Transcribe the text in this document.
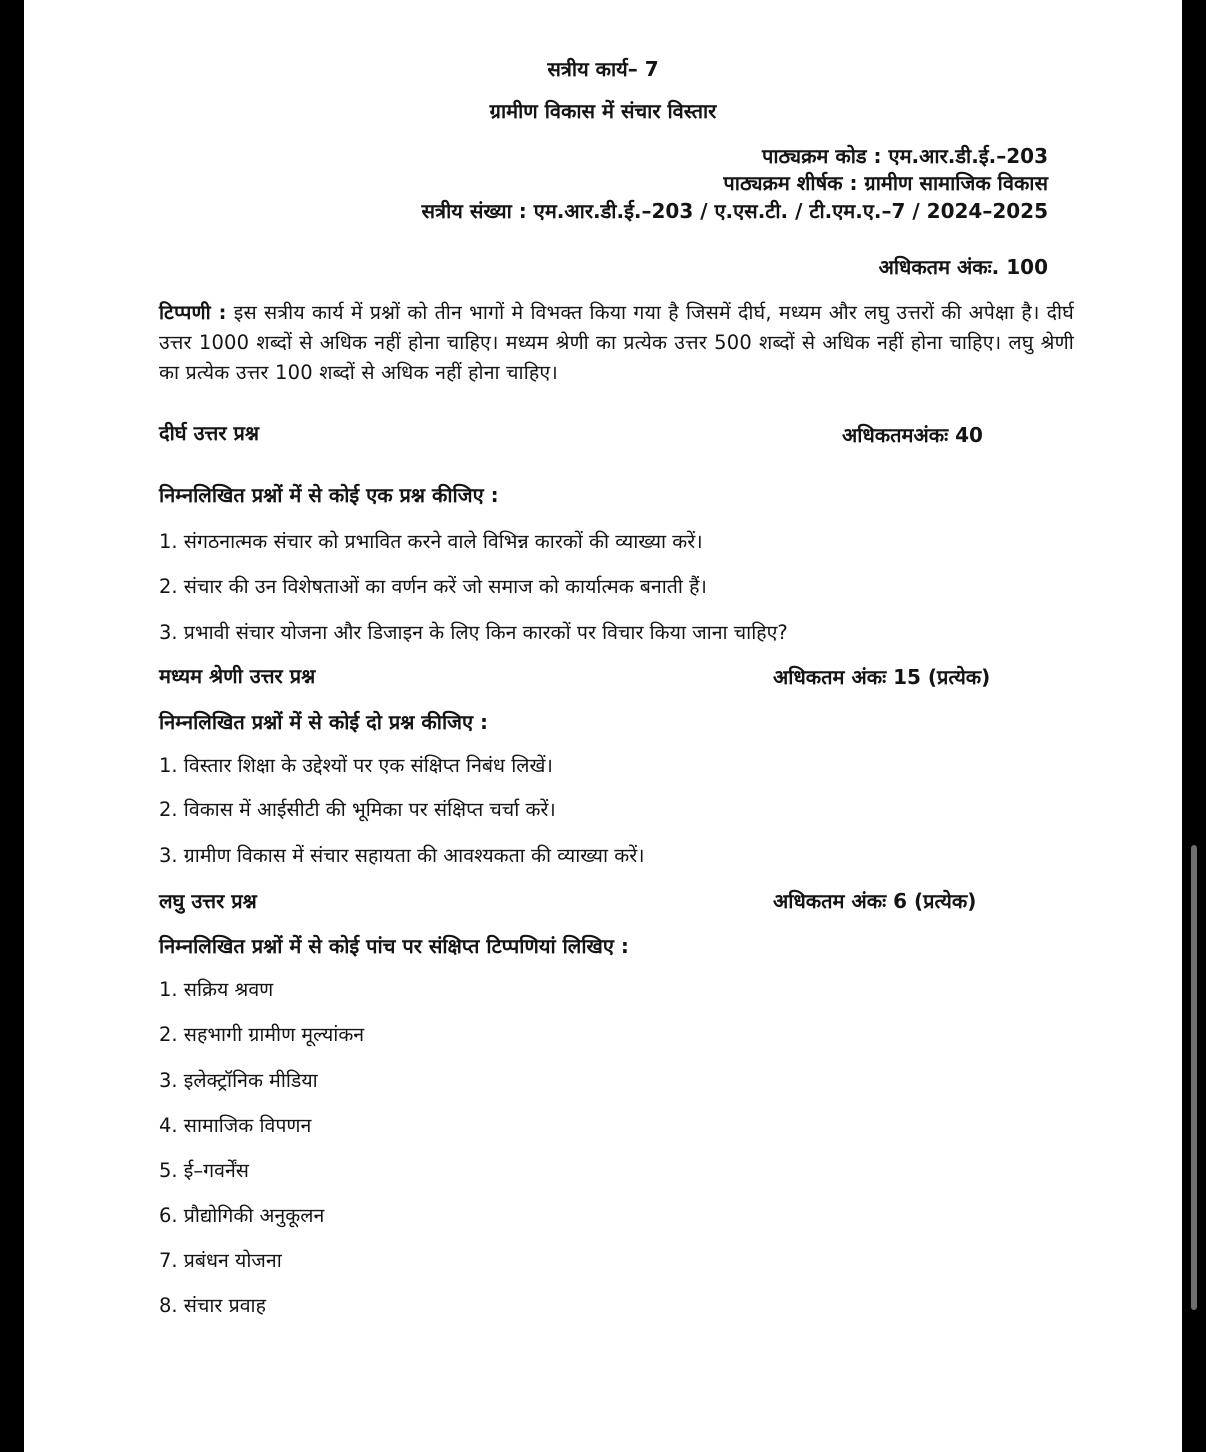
सत्रीय कार्य– 7
ग्रामीण विकास में संचार विस्तार
पाठ्यक्रम कोड : एम.आर.डी.ई.–203
पाठ्यक्रम शीर्षक : ग्रामीण सामाजिक विकास
सत्रीय संख्या : एम.आर.डी.ई.–203 / ए.एस.टी. / टी.एम.ए.–7 / 2024–2025
अधिकतम अंकः. 100
टिप्पणी : इस सत्रीय कार्य में प्रश्नों को तीन भागों मे विभक्त किया गया है जिसमें दीर्घ, मध्यम और लघु उत्तरों की अपेक्षा है। दीर्घ उत्तर 1000 शब्दों से अधिक नहीं होना चाहिए। मध्यम श्रेणी का प्रत्येक उत्तर 500 शब्दों से अधिक नहीं होना चाहिए। लघु श्रेणी का प्रत्येक उत्तर 100 शब्दों से अधिक नहीं होना चाहिए।
दीर्घ उत्तर प्रश्न	अधिकतमअंकः 40
निम्नलिखित प्रश्नों में से कोई एक प्रश्न कीजिए :
1. संगठनात्मक संचार को प्रभावित करने वाले विभिन्न कारकों की व्याख्या करें।
2. संचार की उन विशेषताओं का वर्णन करें जो समाज को कार्यात्मक बनाती हैं।
3. प्रभावी संचार योजना और डिजाइन के लिए किन कारकों पर विचार किया जाना चाहिए?
मध्यम श्रेणी उत्तर प्रश्न	अधिकतम अंकः 15 (प्रत्येक)
निम्नलिखित प्रश्नों में से कोई दो प्रश्न कीजिए :
1. विस्तार शिक्षा के उद्देश्यों पर एक संक्षिप्त निबंध लिखें।
2. विकास में आईसीटी की भूमिका पर संक्षिप्त चर्चा करें।
3. ग्रामीण विकास में संचार सहायता की आवश्यकता की व्याख्या करें।
लघु उत्तर प्रश्न	अधिकतम अंकः 6 (प्रत्येक)
निम्नलिखित प्रश्नों में से कोई पांच पर संक्षिप्त टिप्पणियां लिखिए :
1. सक्रिय श्रवण
2. सहभागी ग्रामीण मूल्यांकन
3. इलेक्ट्रॉनिक मीडिया
4. सामाजिक विपणन
5. ई–गवर्नेंस
6. प्रौद्योगिकी अनुकूलन
7. प्रबंधन योजना
8. संचार प्रवाह
